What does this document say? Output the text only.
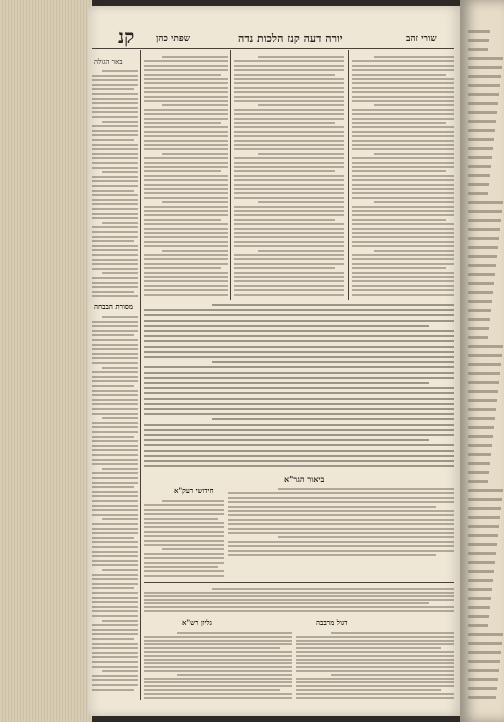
קנ שפתי כהן	יורה דעה קנז הלכות נדה	שורי זהב
באר הגולה
מסורת הבבחה
ביאור הגר"א
חידושי רעק"א
דגול מרבבה
גליון רש"א
